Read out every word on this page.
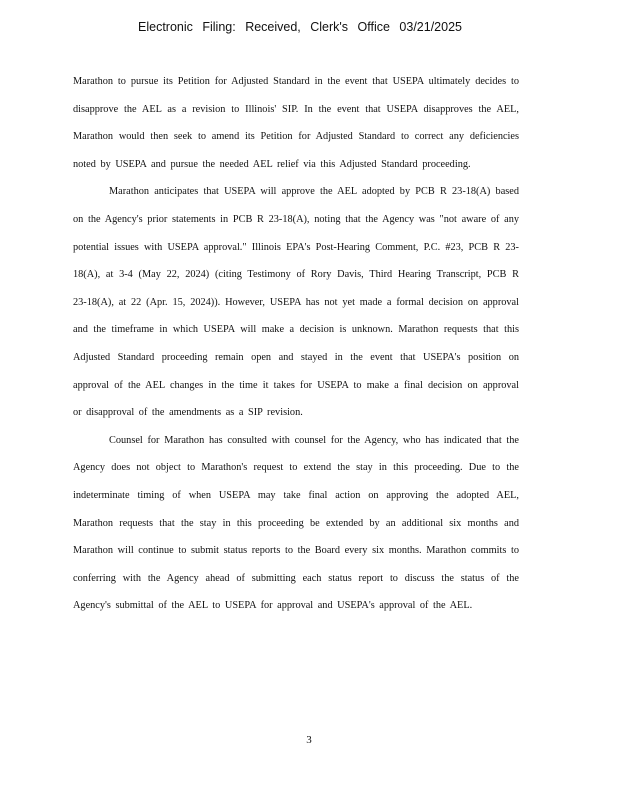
Electronic Filing: Received, Clerk's Office 03/21/2025

Marathon to pursue its Petition for Adjusted Standard in the event that USEPA ultimately decides to disapprove the AEL as a revision to Illinois' SIP. In the event that USEPA disapproves the AEL, Marathon would then seek to amend its Petition for Adjusted Standard to correct any deficiencies noted by USEPA and pursue the needed AEL relief via this Adjusted Standard proceeding.

Marathon anticipates that USEPA will approve the AEL adopted by PCB R 23-18(A) based on the Agency's prior statements in PCB R 23-18(A), noting that the Agency was "not aware of any potential issues with USEPA approval." Illinois EPA's Post-Hearing Comment, P.C. #23, PCB R 23-18(A), at 3-4 (May 22, 2024) (citing Testimony of Rory Davis, Third Hearing Transcript, PCB R 23-18(A), at 22 (Apr. 15, 2024)). However, USEPA has not yet made a formal decision on approval and the timeframe in which USEPA will make a decision is unknown. Marathon requests that this Adjusted Standard proceeding remain open and stayed in the event that USEPA's position on approval of the AEL changes in the time it takes for USEPA to make a final decision on approval or disapproval of the amendments as a SIP revision.

Counsel for Marathon has consulted with counsel for the Agency, who has indicated that the Agency does not object to Marathon's request to extend the stay in this proceeding. Due to the indeterminate timing of when USEPA may take final action on approving the adopted AEL, Marathon requests that the stay in this proceeding be extended by an additional six months and Marathon will continue to submit status reports to the Board every six months. Marathon commits to conferring with the Agency ahead of submitting each status report to discuss the status of the Agency's submittal of the AEL to USEPA for approval and USEPA's approval of the AEL.

3
